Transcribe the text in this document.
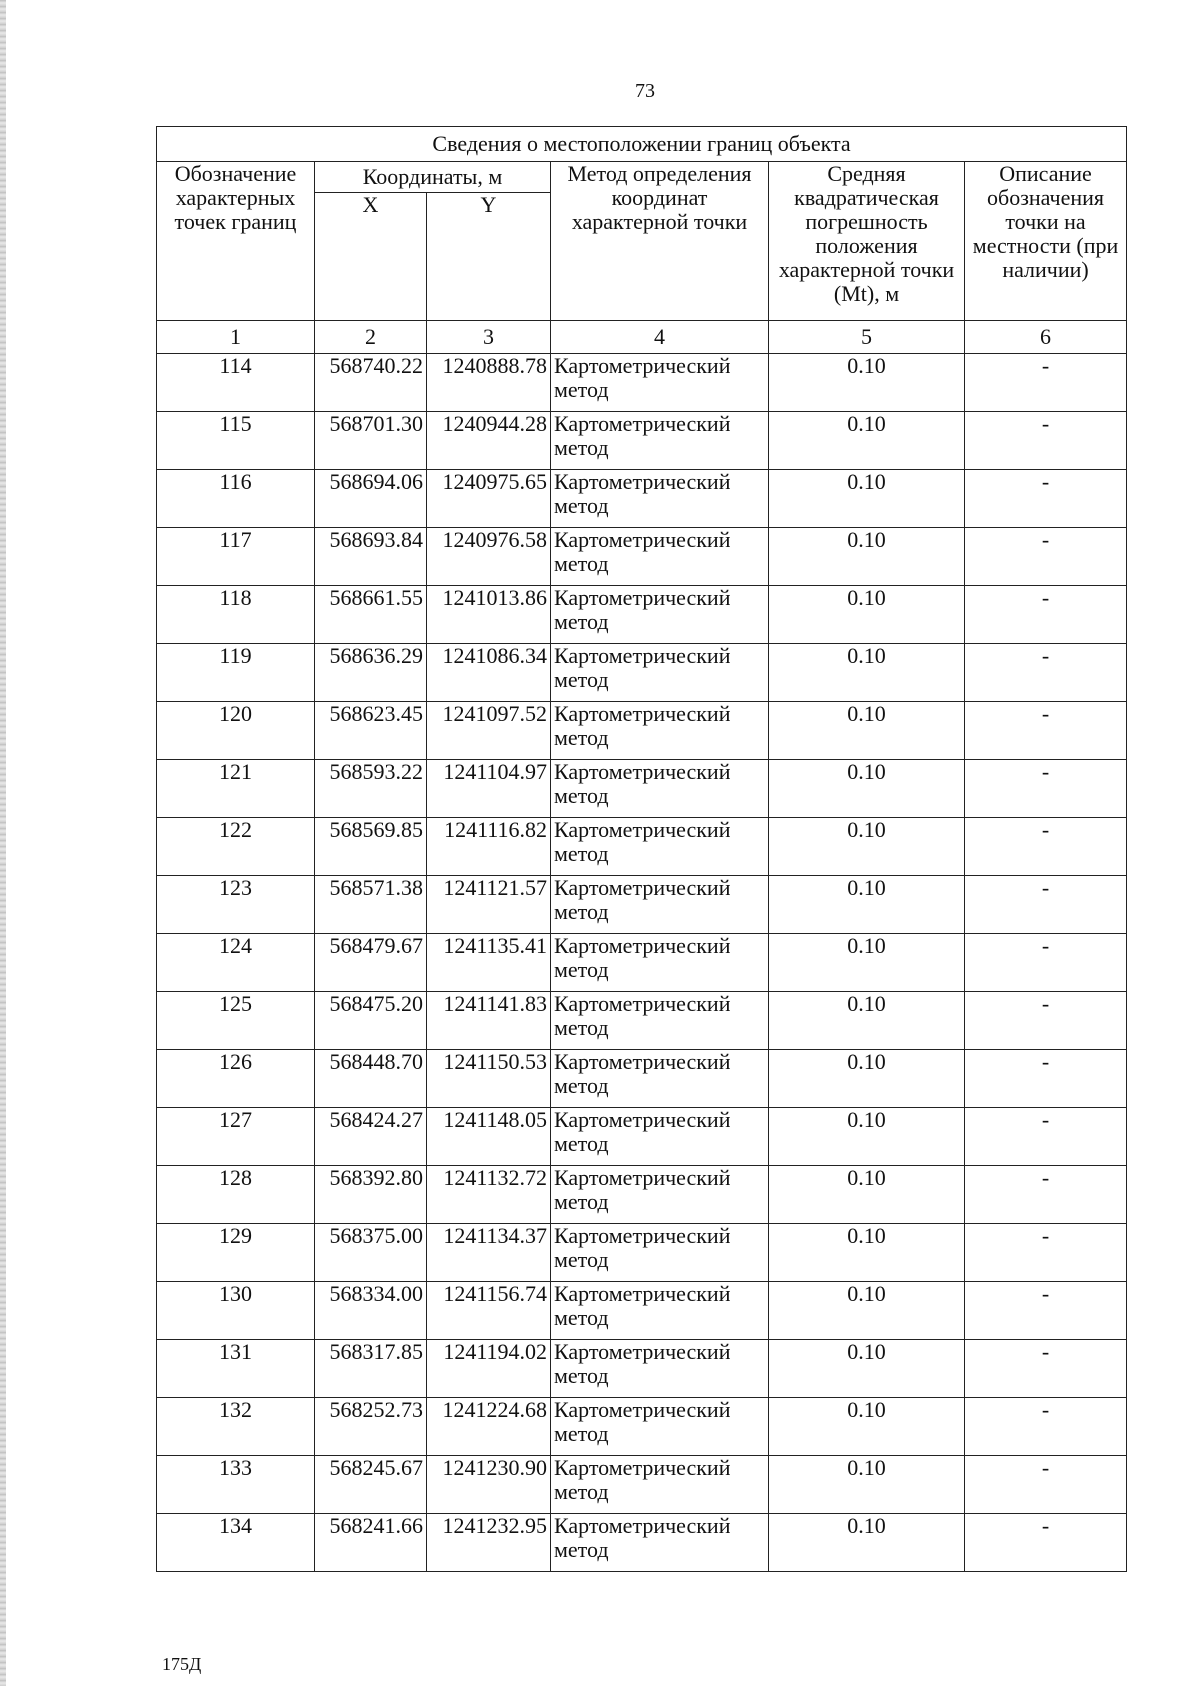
73
Сведения о местоположении границ объекта					
Обозначение характерных точек границ	Координаты, м		Метод определения координат характерной точки	Средняя квадратическая погрешность положения характерной точки (Mt), м	Описание обозначения точки на местности (при наличии)
	X	Y			
1	2	3	4	5	6
114	568740.22	1240888.78	Картометрический метод	0.10	-
115	568701.30	1240944.28	Картометрический метод	0.10	-
116	568694.06	1240975.65	Картометрический метод	0.10	-
117	568693.84	1240976.58	Картометрический метод	0.10	-
118	568661.55	1241013.86	Картометрический метод	0.10	-
119	568636.29	1241086.34	Картометрический метод	0.10	-
120	568623.45	1241097.52	Картометрический метод	0.10	-
121	568593.22	1241104.97	Картометрический метод	0.10	-
122	568569.85	1241116.82	Картометрический метод	0.10	-
123	568571.38	1241121.57	Картометрический метод	0.10	-
124	568479.67	1241135.41	Картометрический метод	0.10	-
125	568475.20	1241141.83	Картометрический метод	0.10	-
126	568448.70	1241150.53	Картометрический метод	0.10	-
127	568424.27	1241148.05	Картометрический метод	0.10	-
128	568392.80	1241132.72	Картометрический метод	0.10	-
129	568375.00	1241134.37	Картометрический метод	0.10	-
130	568334.00	1241156.74	Картометрический метод	0.10	-
131	568317.85	1241194.02	Картометрический метод	0.10	-
132	568252.73	1241224.68	Картометрический метод	0.10	-
133	568245.67	1241230.90	Картометрический метод	0.10	-
134	568241.66	1241232.95	Картометрический метод	0.10	-
175Д
